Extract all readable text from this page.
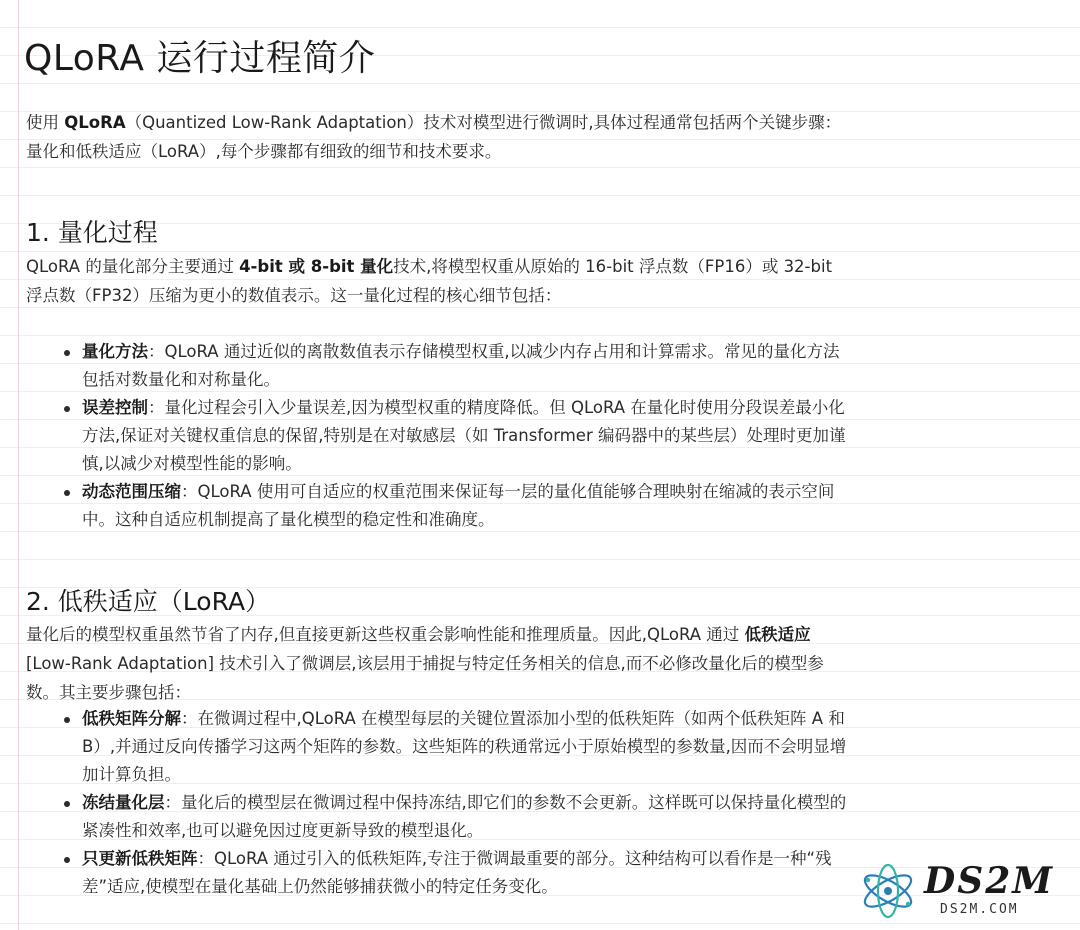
QLoRA 运行过程简介

使用 QLoRA（Quantized Low-Rank Adaptation）技术对模型进行微调时,具体过程通常包括两个关键步骤：量化和低秩适应（LoRA）,每个步骤都有细致的细节和技术要求。

1. 量化过程

QLoRA 的量化部分主要通过 4-bit 或 8-bit 量化技术,将模型权重从原始的 16-bit 浮点数（FP16）或 32-bit 浮点数（FP32）压缩为更小的数值表示。这一量化过程的核心细节包括：

量化方法：QLoRA 通过近似的离散数值表示存储模型权重,以减少内存占用和计算需求。常见的量化方法包括对数量化和对称量化。
误差控制：量化过程会引入少量误差,因为模型权重的精度降低。但 QLoRA 在量化时使用分段误差最小化方法,保证对关键权重信息的保留,特别是在对敏感层（如 Transformer 编码器中的某些层）处理时更加谨慎,以减少对模型性能的影响。
动态范围压缩：QLoRA 使用可自适应的权重范围来保证每一层的量化值能够合理映射在缩减的表示空间中。这种自适应机制提高了量化模型的稳定性和准确度。
2. 低秩适应（LoRA）

量化后的模型权重虽然节省了内存,但直接更新这些权重会影响性能和推理质量。因此,QLoRA 通过 低秩适应 [Low-Rank Adaptation] 技术引入了微调层,该层用于捕捉与特定任务相关的信息,而不必修改量化后的模型参数。其主要步骤包括：

低秩矩阵分解：在微调过程中,QLoRA 在模型每层的关键位置添加小型的低秩矩阵（如两个低秩矩阵 A 和 B）,并通过反向传播学习这两个矩阵的参数。这些矩阵的秩通常远小于原始模型的参数量,因而不会明显增加计算负担。
冻结量化层：量化后的模型层在微调过程中保持冻结,即它们的参数不会更新。这样既可以保持量化模型的紧凑性和效率,也可以避免因过度更新导致的模型退化。
只更新低秩矩阵：QLoRA 通过引入的低秩矩阵,专注于微调最重要的部分。这种结构可以看作是一种“残差”适应,使模型在量化基础上仍然能够捕获微小的特定任务变化。	DS2M
DS2M.COM
